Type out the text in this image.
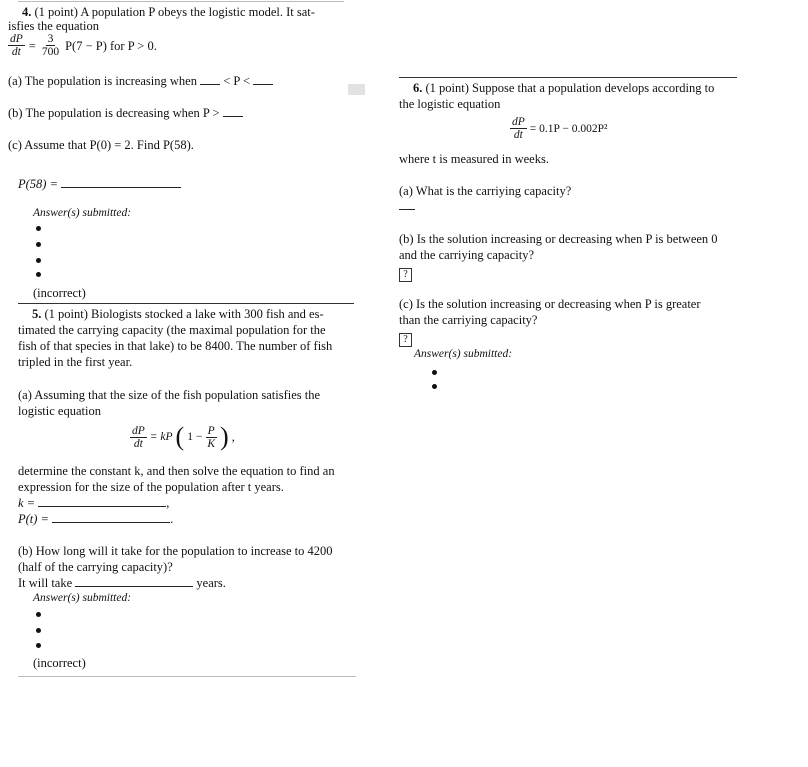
4. (1 point) A population P obeys the logistic model. It sat-
isfies the equation
$\frac{dP}{dt} = \frac{3}{700} P(7 - P)$ for P > 0.
(a) The population is increasing when < P <
(b) The population is decreasing when P >
(c) Assume that P(0) = 2. Find P(58).
P(58) =
Answer(s) submitted:
(incorrect)
5. (1 point) Biologists stocked a lake with 300 fish and es-
timated the carrying capacity (the maximal population for the
fish of that species in that lake) to be 8400. The number of fish
tripled in the first year.
(a) Assuming that the size of the fish population satisfies the
logistic equation
$\frac{dP}{dt}$ = kP ( $1 - \frac{P}{K}$ ) ,
determine the constant k, and then solve the equation to find an
expression for the size of the population after t years.
k =	,
P(t) =	.
(b) How long will it take for the population to increase to 4200
(half of the carrying capacity)?
It will take	years.
Answer(s) submitted:
(incorrect)
6. (1 point) Suppose that a population develops according to
the logistic equation
$\frac{dP}{dt} = 0.1P - 0.002P^2$
where t is measured in weeks.
(a) What is the carriying capacity?
(b) Is the solution increasing or decreasing when P is between 0
and the carriying capacity?
?
(c) Is the solution increasing or decreasing when P is greater
than the carriying capacity?
?
Answer(s) submitted:
